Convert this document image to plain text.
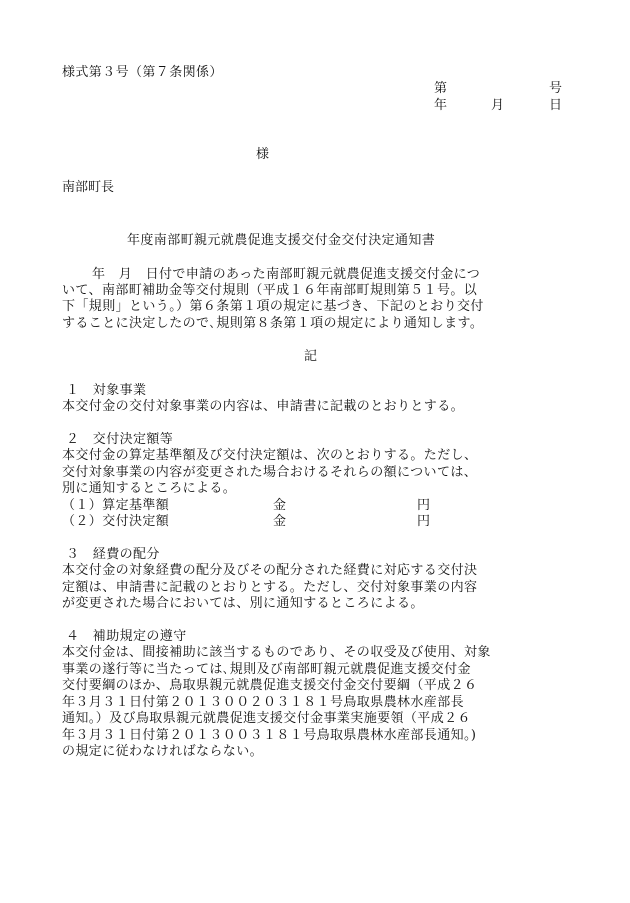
様式第３号（第７条関係）
第	号
年	月	日
様
南部町長
年度南部町親元就農促進支援交付金交付決定通知書
年　月　日付で申請のあった南部町親元就農促進支援交付金につ
いて、南部町補助金等交付規則（平成１６年南部町規則第５１号。以
下「規則」という。）第６条第１項の規定に基づき、下記のとおり交付
することに決定したので､規則第８条第１項の規定により通知します。
記
１　対象事業
本交付金の交付対象事業の内容は、申請書に記載のとおりとする。
２　交付決定額等
本交付金の算定基準額及び交付決定額は、次のとおりする。ただし、
交付対象事業の内容が変更された場合おけるそれらの額については、
別に通知するところによる。
（１）算定基準額	金	円
（２）交付決定額	金	円
３　経費の配分
本交付金の対象経費の配分及びその配分された経費に対応する交付決
定額は、申請書に記載のとおりとする。ただし、交付対象事業の内容
が変更された場合においては、別に通知するところによる。
４　補助規定の遵守
本交付金は、間接補助に該当するものであり、その収受及び使用、対象
事業の遂行等に当たっては､規則及び南部町親元就農促進支援交付金
交付要綱のほか、鳥取県親元就農促進支援交付金交付要綱（平成２６
年３月３１日付第２０１３００２０３１８１号鳥取県農林水産部長
通知。）及び鳥取県親元就農促進支援交付金事業実施要領（平成２６
年３月３１日付第２０１３００３１８１号鳥取県農林水産部長通知。)
の規定に従わなければならない。
